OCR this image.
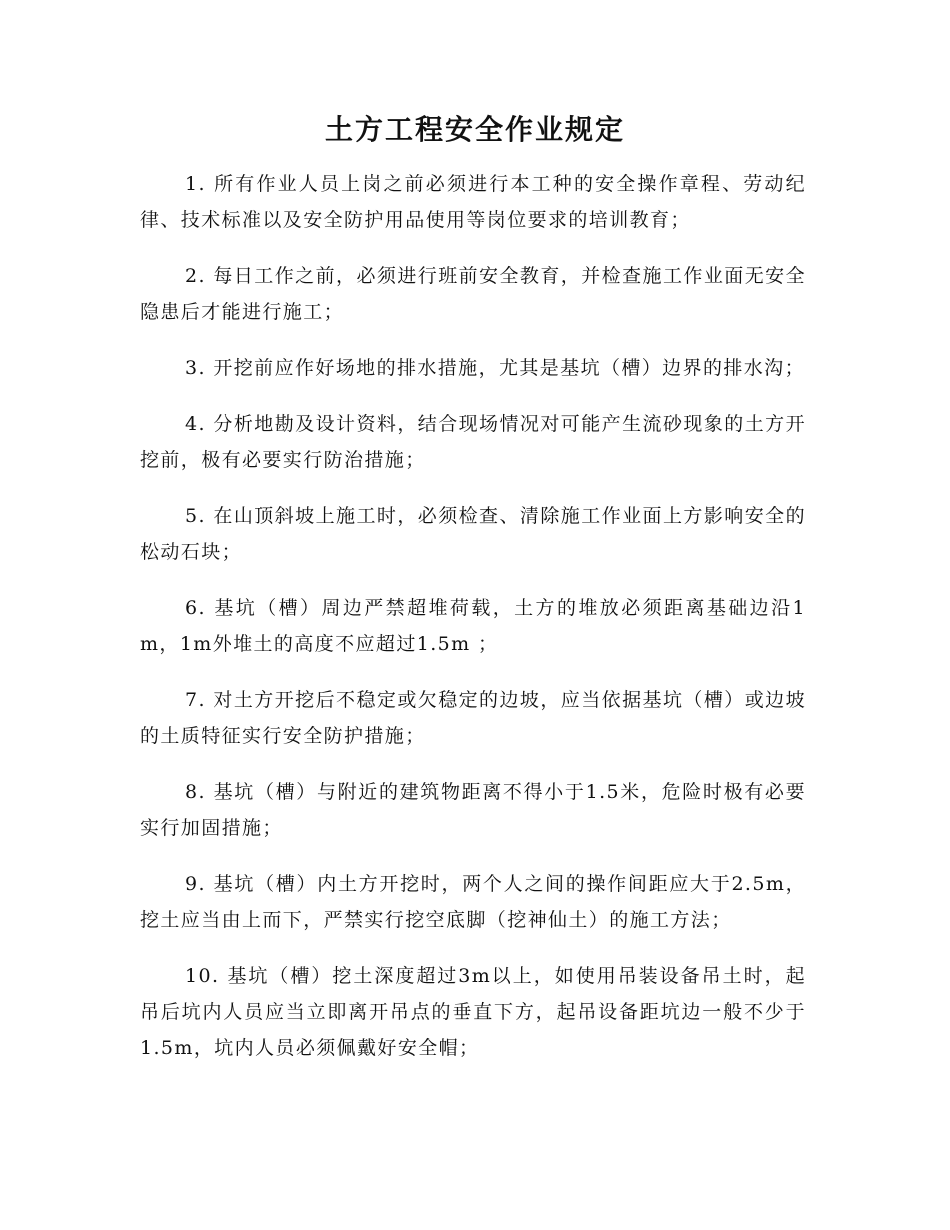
土方工程安全作业规定

1. 所有作业人员上岗之前必须进行本工种的安全操作章程、劳动纪律、技术标准以及安全防护用品使用等岗位要求的培训教育；

2. 每日工作之前，必须进行班前安全教育，并检查施工作业面无安全隐患后才能进行施工；

3. 开挖前应作好场地的排水措施，尤其是基坑（槽）边界的排水沟；

4. 分析地勘及设计资料，结合现场情况对可能产生流砂现象的土方开挖前，极有必要实行防治措施；

5. 在山顶斜坡上施工时，必须检查、清除施工作业面上方影响安全的松动石块；

6. 基坑（槽）周边严禁超堆荷载，土方的堆放必须距离基础边沿1m，1m外堆土的高度不应超过1.5m ；

7. 对土方开挖后不稳定或欠稳定的边坡，应当依据基坑（槽）或边坡的土质特征实行安全防护措施；

8. 基坑（槽）与附近的建筑物距离不得小于1.5米，危险时极有必要实行加固措施；

9. 基坑（槽）内土方开挖时，两个人之间的操作间距应大于2.5m，挖土应当由上而下，严禁实行挖空底脚（挖神仙土）的施工方法；

10. 基坑（槽）挖土深度超过3m以上，如使用吊装设备吊土时，起吊后坑内人员应当立即离开吊点的垂直下方，起吊设备距坑边一般不少于1.5m，坑内人员必须佩戴好安全帽；
